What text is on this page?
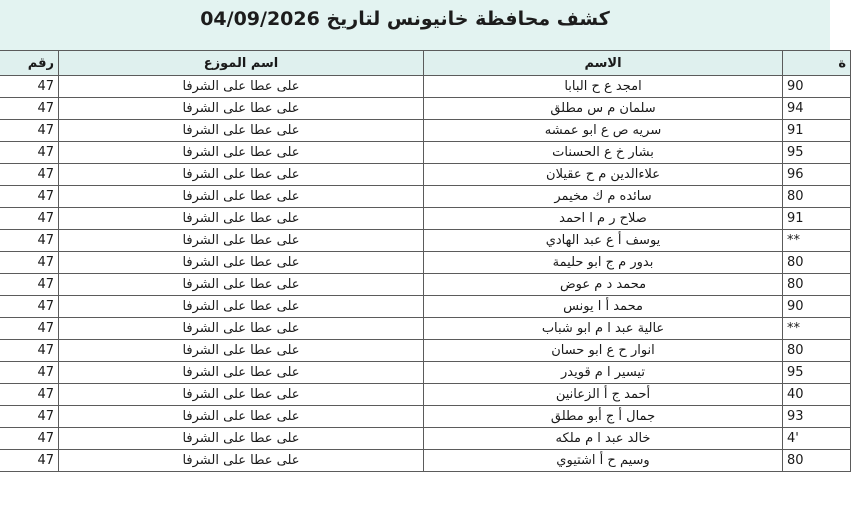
كشف محافظة خانيونس لتاريخ 04/09/2026
رقم	اسم الموزع	الاسم	ة
47	على عطا على الشرفا	امجد ع ح البابا	90
47	على عطا على الشرفا	سلمان م س مطلق	94
47	على عطا على الشرفا	سريه ص ع ابو عمشه	91
47	على عطا على الشرفا	بشار خ ع الحسنات	95
47	على عطا على الشرفا	علاءالدين م ح عقيلان	96
47	على عطا على الشرفا	سائده م ك مخيمر	80
47	على عطا على الشرفا	صلاح ر م ا احمد	91
47	على عطا على الشرفا	يوسف أ ع عبد الهادي	**
47	على عطا على الشرفا	بدور م ج ابو حليمة	80
47	على عطا على الشرفا	محمد د م عوض	80
47	على عطا على الشرفا	محمد أ ا يونس	90
47	على عطا على الشرفا	عالية عبد ا م ابو شباب	**
47	على عطا على الشرفا	انوار ح ع ابو حسان	80
47	على عطا على الشرفا	تيسير ا م قويدر	95
47	على عطا على الشرفا	أحمد ج أ الزعانين	40
47	على عطا على الشرفا	جمال أ ج أبو مطلق	93
47	على عطا على الشرفا	خالد عبد ا م ملكه	4'
47	على عطا على الشرفا	وسيم ح أ اشتيوي	80
